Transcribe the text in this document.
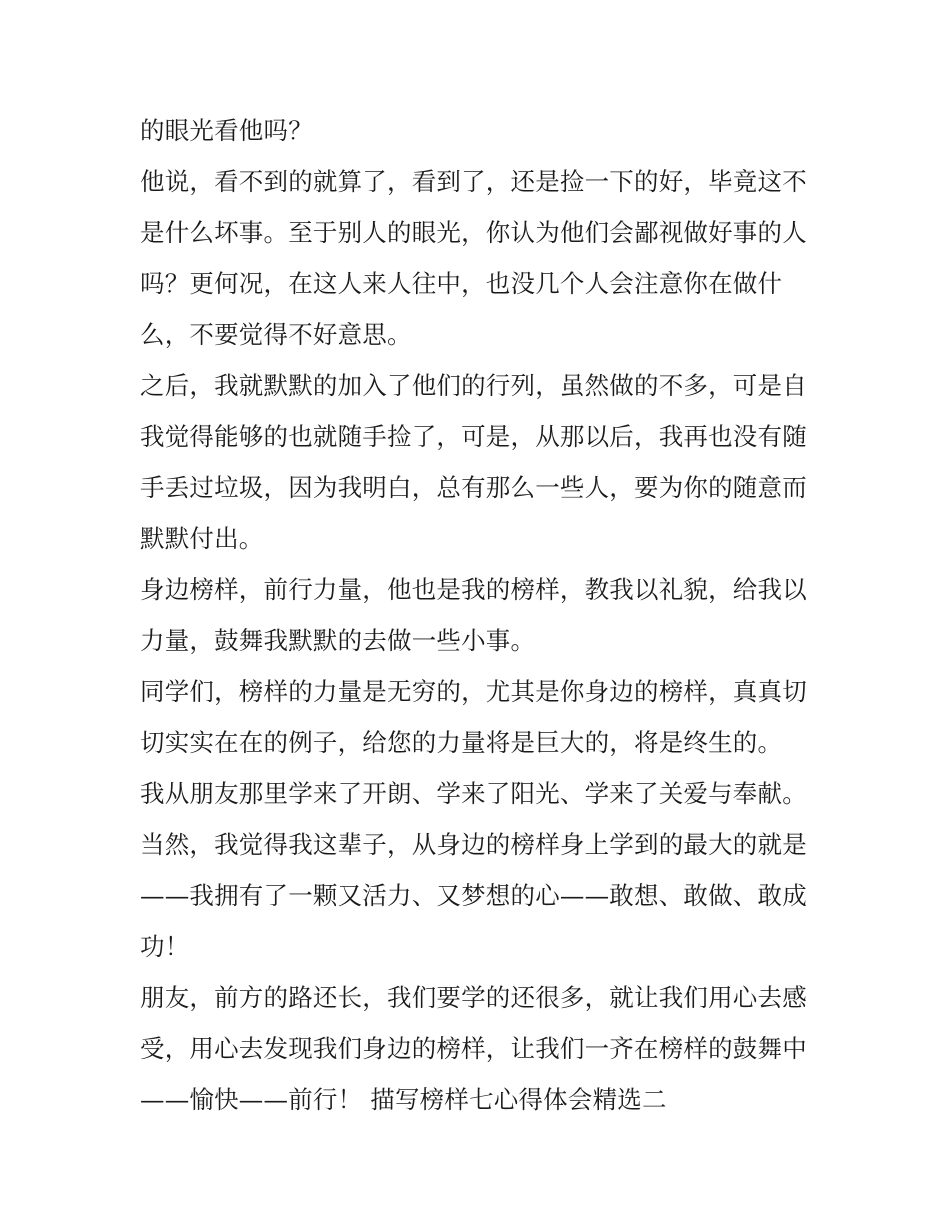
的眼光看他吗？
他说，看不到的就算了，看到了，还是捡一下的好，毕竟这不
是什么坏事。至于别人的眼光，你认为他们会鄙视做好事的人
吗？更何况，在这人来人往中，也没几个人会注意你在做什
么，不要觉得不好意思。
之后，我就默默的加入了他们的行列，虽然做的不多，可是自
我觉得能够的也就随手捡了，可是，从那以后，我再也没有随
手丢过垃圾，因为我明白，总有那么一些人，要为你的随意而
默默付出。
身边榜样，前行力量，他也是我的榜样，教我以礼貌，给我以
力量，鼓舞我默默的去做一些小事。
同学们，榜样的力量是无穷的，尤其是你身边的榜样，真真切
切实实在在的例子，给您的力量将是巨大的，将是终生的。
我从朋友那里学来了开朗、学来了阳光、学来了关爱与奉献。
当然，我觉得我这辈子，从身边的榜样身上学到的最大的就是
——我拥有了一颗又活力、又梦想的心——敢想、敢做、敢成
功！
朋友，前方的路还长，我们要学的还很多，就让我们用心去感
受，用心去发现我们身边的榜样，让我们一齐在榜样的鼓舞中
——愉快——前行！ 描写榜样七心得体会精选二
